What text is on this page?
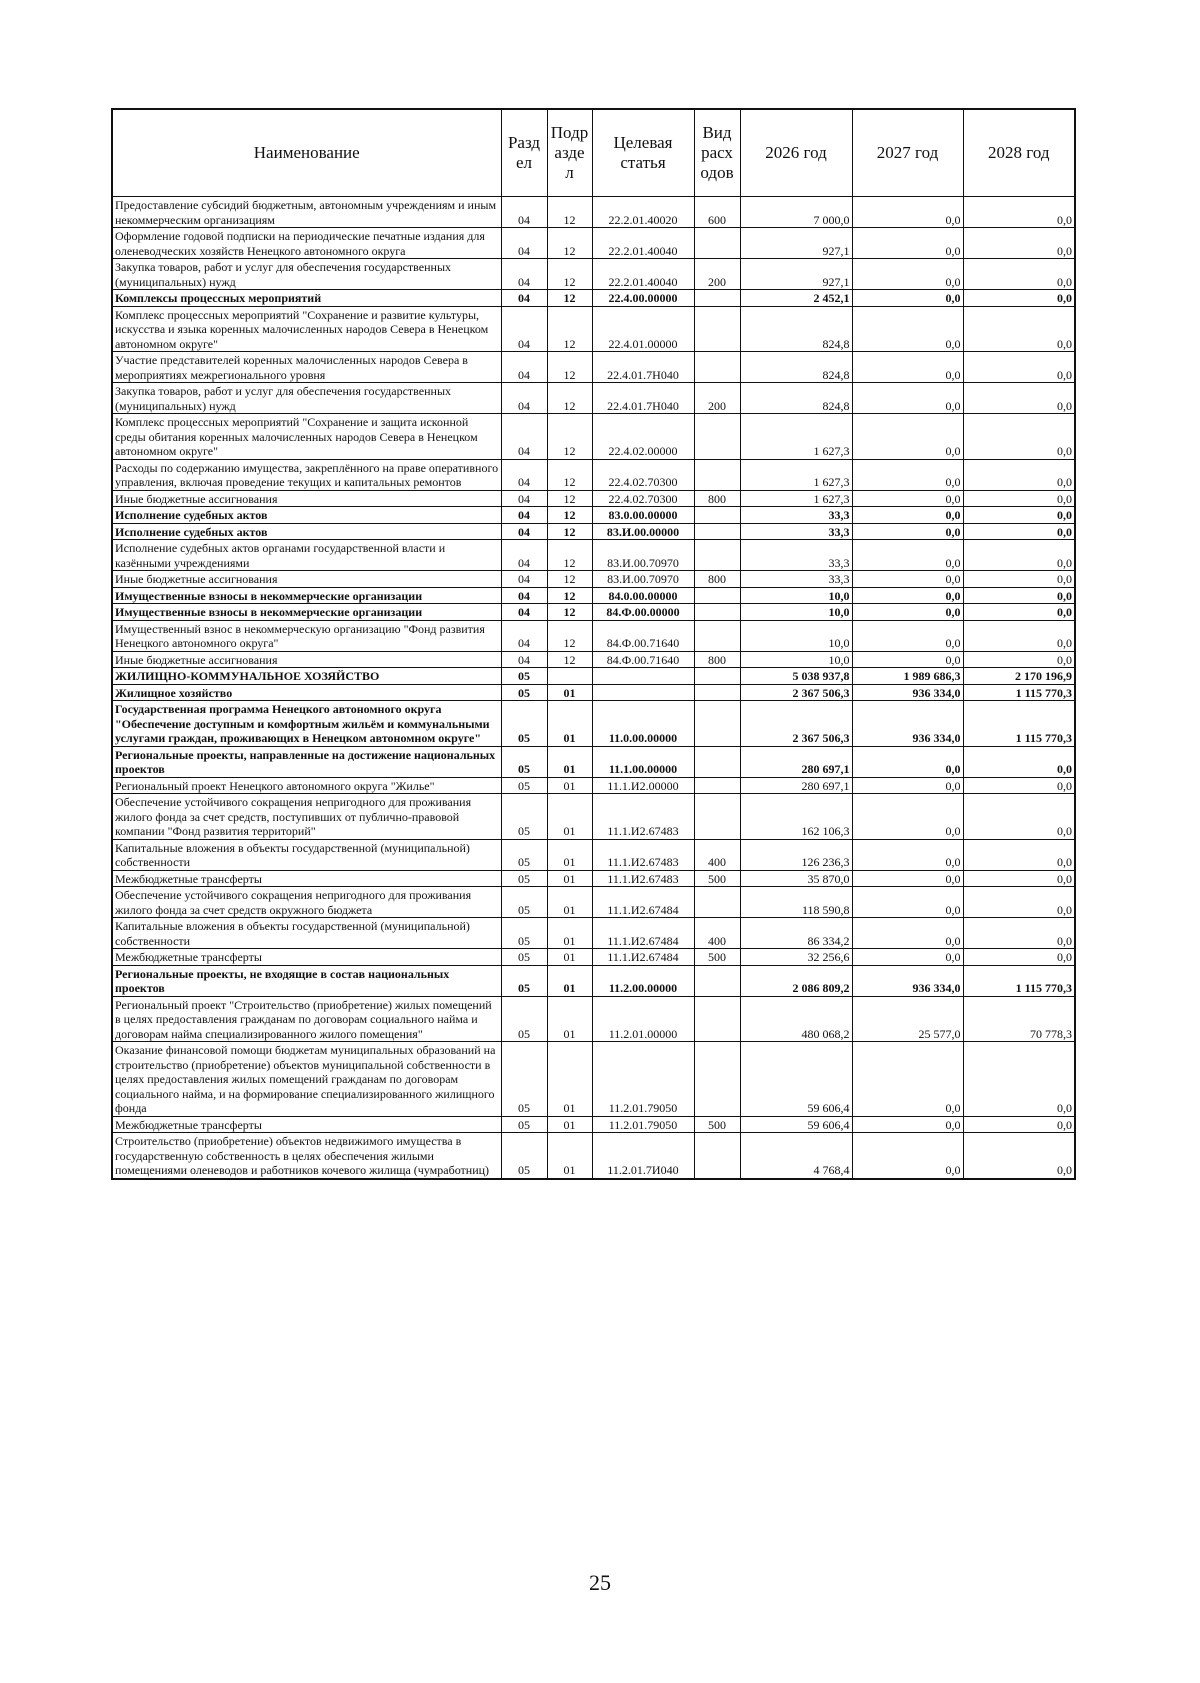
Наименование	Разд ел	Подр азде л	Целевая статья	Вид расх одов	2026 год	2027 год	2028 год
Предоставление субсидий бюджетным, автономным учреждениям и иным некоммерческим организациям	04	12	22.2.01.40020	600	7 000,0	0,0	0,0
Оформление годовой подписки на периодические печатные издания для оленеводческих хозяйств Ненецкого автономного округа	04	12	22.2.01.40040		927,1	0,0	0,0
Закупка товаров, работ и услуг для обеспечения государственных (муниципальных) нужд	04	12	22.2.01.40040	200	927,1	0,0	0,0
Комплексы процессных мероприятий	04	12	22.4.00.00000		2 452,1	0,0	0,0
Комплекс процессных мероприятий "Сохранение и развитие культуры, искусства и языка коренных малочисленных народов Севера в Ненецком автономном округе"	04	12	22.4.01.00000		824,8	0,0	0,0
Участие представителей коренных малочисленных народов Севера в мероприятиях межрегионального уровня	04	12	22.4.01.7Н040		824,8	0,0	0,0
Закупка товаров, работ и услуг для обеспечения государственных (муниципальных) нужд	04	12	22.4.01.7Н040	200	824,8	0,0	0,0
Комплекс процессных мероприятий "Сохранение и защита исконной среды обитания коренных малочисленных народов Севера в Ненецком автономном округе"	04	12	22.4.02.00000		1 627,3	0,0	0,0
Расходы по содержанию имущества, закреплённого на праве оперативного управления, включая проведение текущих и капитальных ремонтов	04	12	22.4.02.70300		1 627,3	0,0	0,0
Иные бюджетные ассигнования	04	12	22.4.02.70300	800	1 627,3	0,0	0,0
Исполнение судебных актов	04	12	83.0.00.00000		33,3	0,0	0,0
Исполнение судебных актов	04	12	83.И.00.00000		33,3	0,0	0,0
Исполнение судебных актов органами государственной власти и казёнными учреждениями	04	12	83.И.00.70970		33,3	0,0	0,0
Иные бюджетные ассигнования	04	12	83.И.00.70970	800	33,3	0,0	0,0
Имущественные взносы в некоммерческие организации	04	12	84.0.00.00000		10,0	0,0	0,0
Имущественные взносы в некоммерческие организации	04	12	84.Ф.00.00000		10,0	0,0	0,0
Имущественный взнос в некоммерческую организацию "Фонд развития Ненецкого автономного округа"	04	12	84.Ф.00.71640		10,0	0,0	0,0
Иные бюджетные ассигнования	04	12	84.Ф.00.71640	800	10,0	0,0	0,0
ЖИЛИЩНО-КОММУНАЛЬНОЕ ХОЗЯЙСТВО	05				5 038 937,8	1 989 686,3	2 170 196,9
Жилищное хозяйство	05	01			2 367 506,3	936 334,0	1 115 770,3
Государственная программа Ненецкого автономного округа "Обеспечение доступным и комфортным жильём и коммунальными услугами граждан, проживающих в Ненецком автономном округе"	05	01	11.0.00.00000		2 367 506,3	936 334,0	1 115 770,3
Региональные проекты, направленные на достижение национальных проектов	05	01	11.1.00.00000		280 697,1	0,0	0,0
Региональный проект Ненецкого автономного округа "Жилье"	05	01	11.1.И2.00000		280 697,1	0,0	0,0
Обеспечение устойчивого сокращения непригодного для проживания жилого фонда за счет средств, поступивших от публично-правовой компании "Фонд развития территорий"	05	01	11.1.И2.67483		162 106,3	0,0	0,0
Капитальные вложения в объекты государственной (муниципальной) собственности	05	01	11.1.И2.67483	400	126 236,3	0,0	0,0
Межбюджетные трансферты	05	01	11.1.И2.67483	500	35 870,0	0,0	0,0
Обеспечение устойчивого сокращения непригодного для проживания жилого фонда за счет средств окружного бюджета	05	01	11.1.И2.67484		118 590,8	0,0	0,0
Капитальные вложения в объекты государственной (муниципальной) собственности	05	01	11.1.И2.67484	400	86 334,2	0,0	0,0
Межбюджетные трансферты	05	01	11.1.И2.67484	500	32 256,6	0,0	0,0
Региональные проекты, не входящие в состав национальных проектов	05	01	11.2.00.00000		2 086 809,2	936 334,0	1 115 770,3
Региональный проект "Строительство (приобретение) жилых помещений в целях предоставления гражданам по договорам социального найма и договорам найма специализированного жилого помещения"	05	01	11.2.01.00000		480 068,2	25 577,0	70 778,3
Оказание финансовой помощи бюджетам муниципальных образований на строительство (приобретение) объектов муниципальной собственности в целях предоставления жилых помещений гражданам по договорам социального найма, и на формирование специализированного жилищного фонда	05	01	11.2.01.79050		59 606,4	0,0	0,0
Межбюджетные трансферты	05	01	11.2.01.79050	500	59 606,4	0,0	0,0
Строительство (приобретение) объектов недвижимого имущества в государственную собственность в целях обеспечения жилыми помещениями оленеводов и работников кочевого жилища (чумработниц)	05	01	11.2.01.7И040		4 768,4	0,0	0,0
25
